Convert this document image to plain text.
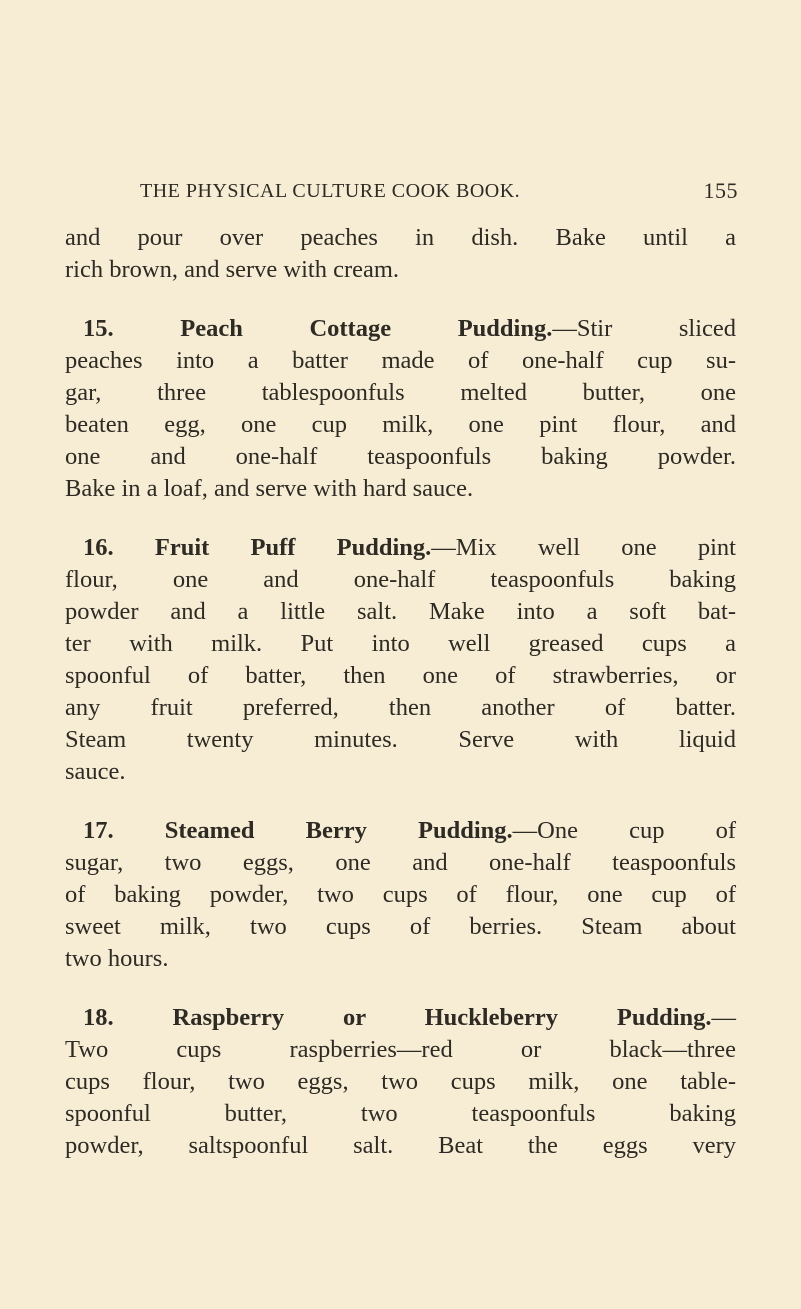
THE PHYSICAL CULTURE COOK BOOK.	155
and pour over peaches in dish. Bake until a
rich brown, and serve with cream.
15. Peach Cottage Pudding.—Stir sliced
peaches into a batter made of one-half cup su-
gar, three tablespoonfuls melted butter, one
beaten egg, one cup milk, one pint flour, and
one and one-half teaspoonfuls baking powder.
Bake in a loaf, and serve with hard sauce.
16. Fruit Puff Pudding.—Mix well one pint
flour, one and one-half teaspoonfuls baking
powder and a little salt. Make into a soft bat-
ter with milk. Put into well greased cups a
spoonful of batter, then one of strawberries, or
any fruit preferred, then another of batter.
Steam twenty minutes. Serve with liquid
sauce.
17. Steamed Berry Pudding.—One cup of
sugar, two eggs, one and one-half teaspoonfuls
of baking powder, two cups of flour, one cup of
sweet milk, two cups of berries. Steam about
two hours.
18. Raspberry or Huckleberry Pudding.—
Two cups raspberries—red or black—three
cups flour, two eggs, two cups milk, one table-
spoonful butter, two teaspoonfuls baking
powder, saltspoonful salt. Beat the eggs very
